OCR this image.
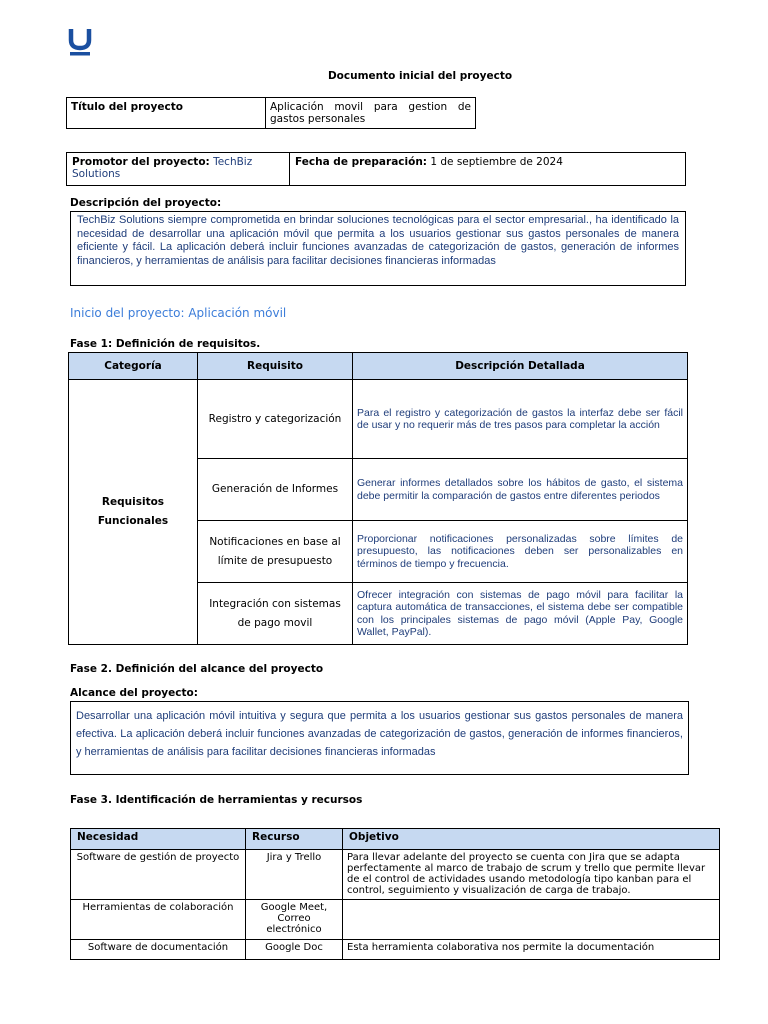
Documento inicial del proyecto
Título del proyecto	Aplicación movil para gestion de gastos personales
Promotor del proyecto: TechBiz Solutions	Fecha de preparación: 1 de septiembre de 2024
Descripción del proyecto:
TechBiz Solutions siempre comprometida en brindar soluciones tecnológicas para el sector empresarial., ha identificado la necesidad de desarrollar una aplicación móvil que permita a los usuarios gestionar sus gastos personales de manera eficiente y fácil. La aplicación deberá incluir funciones avanzadas de categorización de gastos, generación de informes financieros, y herramientas de análisis para facilitar decisiones financieras informadas
Inicio del proyecto: Aplicación móvil
Fase 1: Definición de requisitos.
Categoría	Requisito	Descripción Detallada
Requisitos Funcionales	Registro y categorización	Para el registro y categorización de gastos la interfaz debe ser fácil de usar y no requerir más de tres pasos para completar la acción
	Generación de Informes	Generar informes detallados sobre los hábitos de gasto, el sistema debe permitir la comparación de gastos entre diferentes periodos
	Notificaciones en base al límite de presupuesto	Proporcionar notificaciones personalizadas sobre límites de presupuesto, las notificaciones deben ser personalizables en términos de tiempo y frecuencia.
	Integración con sistemas de pago movil	Ofrecer integración con sistemas de pago móvil para facilitar la captura automática de transacciones, el sistema debe ser compatible con los principales sistemas de pago móvil (Apple Pay, Google Wallet, PayPal).
Fase 2. Definición del alcance del proyecto
Alcance del proyecto:
Desarrollar una aplicación móvil intuitiva y segura que permita a los usuarios gestionar sus gastos personales de manera efectiva. La aplicación deberá incluir funciones avanzadas de categorización de gastos, generación de informes financieros, y herramientas de análisis para facilitar decisiones financieras informadas
Fase 3. Identificación de herramientas y recursos
Necesidad	Recurso	Objetivo
Software de gestión de proyecto	Jira y Trello	Para llevar adelante del proyecto se cuenta con Jira que se adapta perfectamente al marco de trabajo de scrum y trello que permite llevar de el control de actividades usando metodología tipo kanban para el control, seguimiento y visualización de carga de trabajo.
Herramientas de colaboración	Google Meet, Correo electrónico	
Software de documentación	Google Doc	Esta herramienta colaborativa nos permite la documentación
